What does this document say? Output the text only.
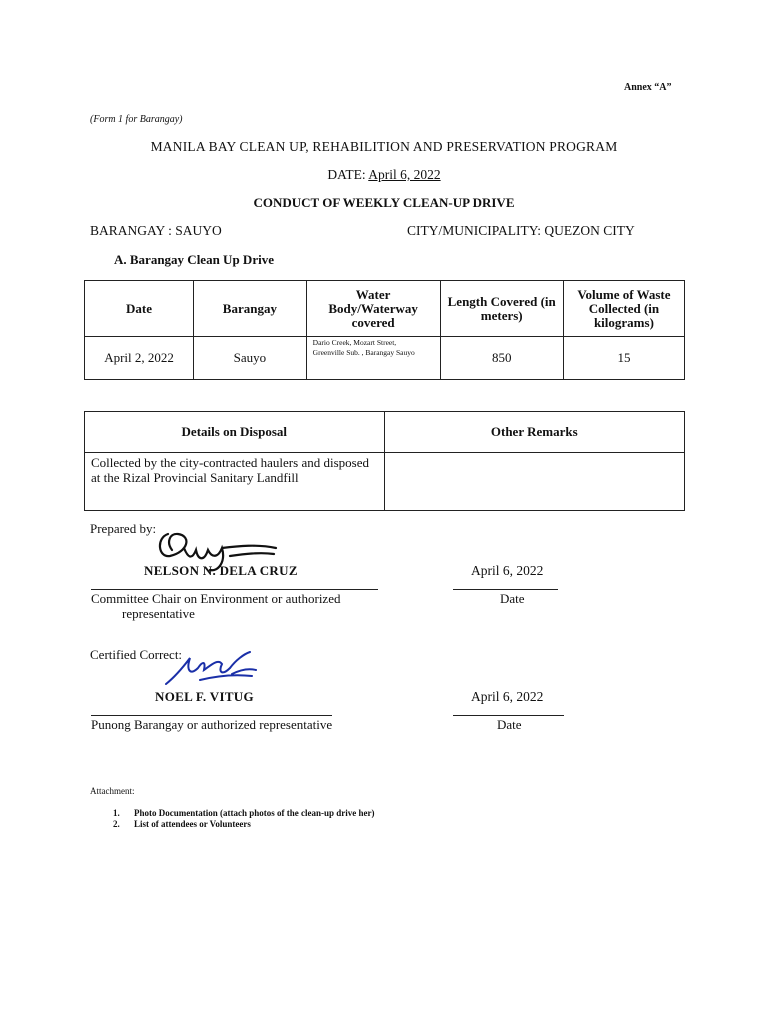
Annex “A”
(Form 1 for Barangay)
MANILA BAY CLEAN UP, REHABILITION AND PRESERVATION PROGRAM
DATE: April 6, 2022
CONDUCT OF WEEKLY CLEAN-UP DRIVE
BARANGAY : SAUYO	CITY/MUNICIPALITY: QUEZON CITY
A. Barangay Clean Up Drive
Date	Barangay	Water Body/Waterway covered	Length Covered (in meters)	Volume of Waste Collected (in kilograms)
April 2, 2022	Sauyo	Dario Creek, Mozart Street, Greenville Sub. , Barangay Sauyo	850	15
Details on Disposal	Other Remarks
Collected by the city-contracted haulers and disposed at the Rizal Provincial Sanitary Landfill	
Prepared by:
NELSON N. DELA CRUZ	April 6, 2022
Committee Chair on Environment or authorized
representative
Date
Certified Correct:
NOEL F. VITUG	April 6, 2022
Punong Barangay or authorized representative	Date
Attachment:
1. Photo Documentation (attach photos of the clean-up drive her)
2. List of attendees or Volunteers
